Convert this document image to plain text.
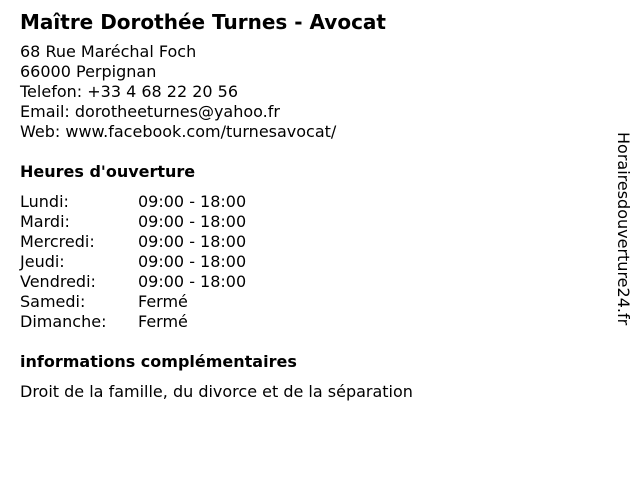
Maître Dorothée Turnes - Avocat
68 Rue Maréchal Foch
66000 Perpignan
Telefon: +33 4 68 22 20 56
Email: dorotheeturnes@yahoo.fr
Web: www.facebook.com/turnesavocat/
Heures d'ouverture
Lundi:	09:00 - 18:00
Mardi:	09:00 - 18:00
Mercredi:	09:00 - 18:00
Jeudi:	09:00 - 18:00
Vendredi:	09:00 - 18:00
Samedi:	Fermé
Dimanche:	Fermé
informations complémentaires
Droit de la famille, du divorce et de la séparation
Horairesdouverture24.fr
